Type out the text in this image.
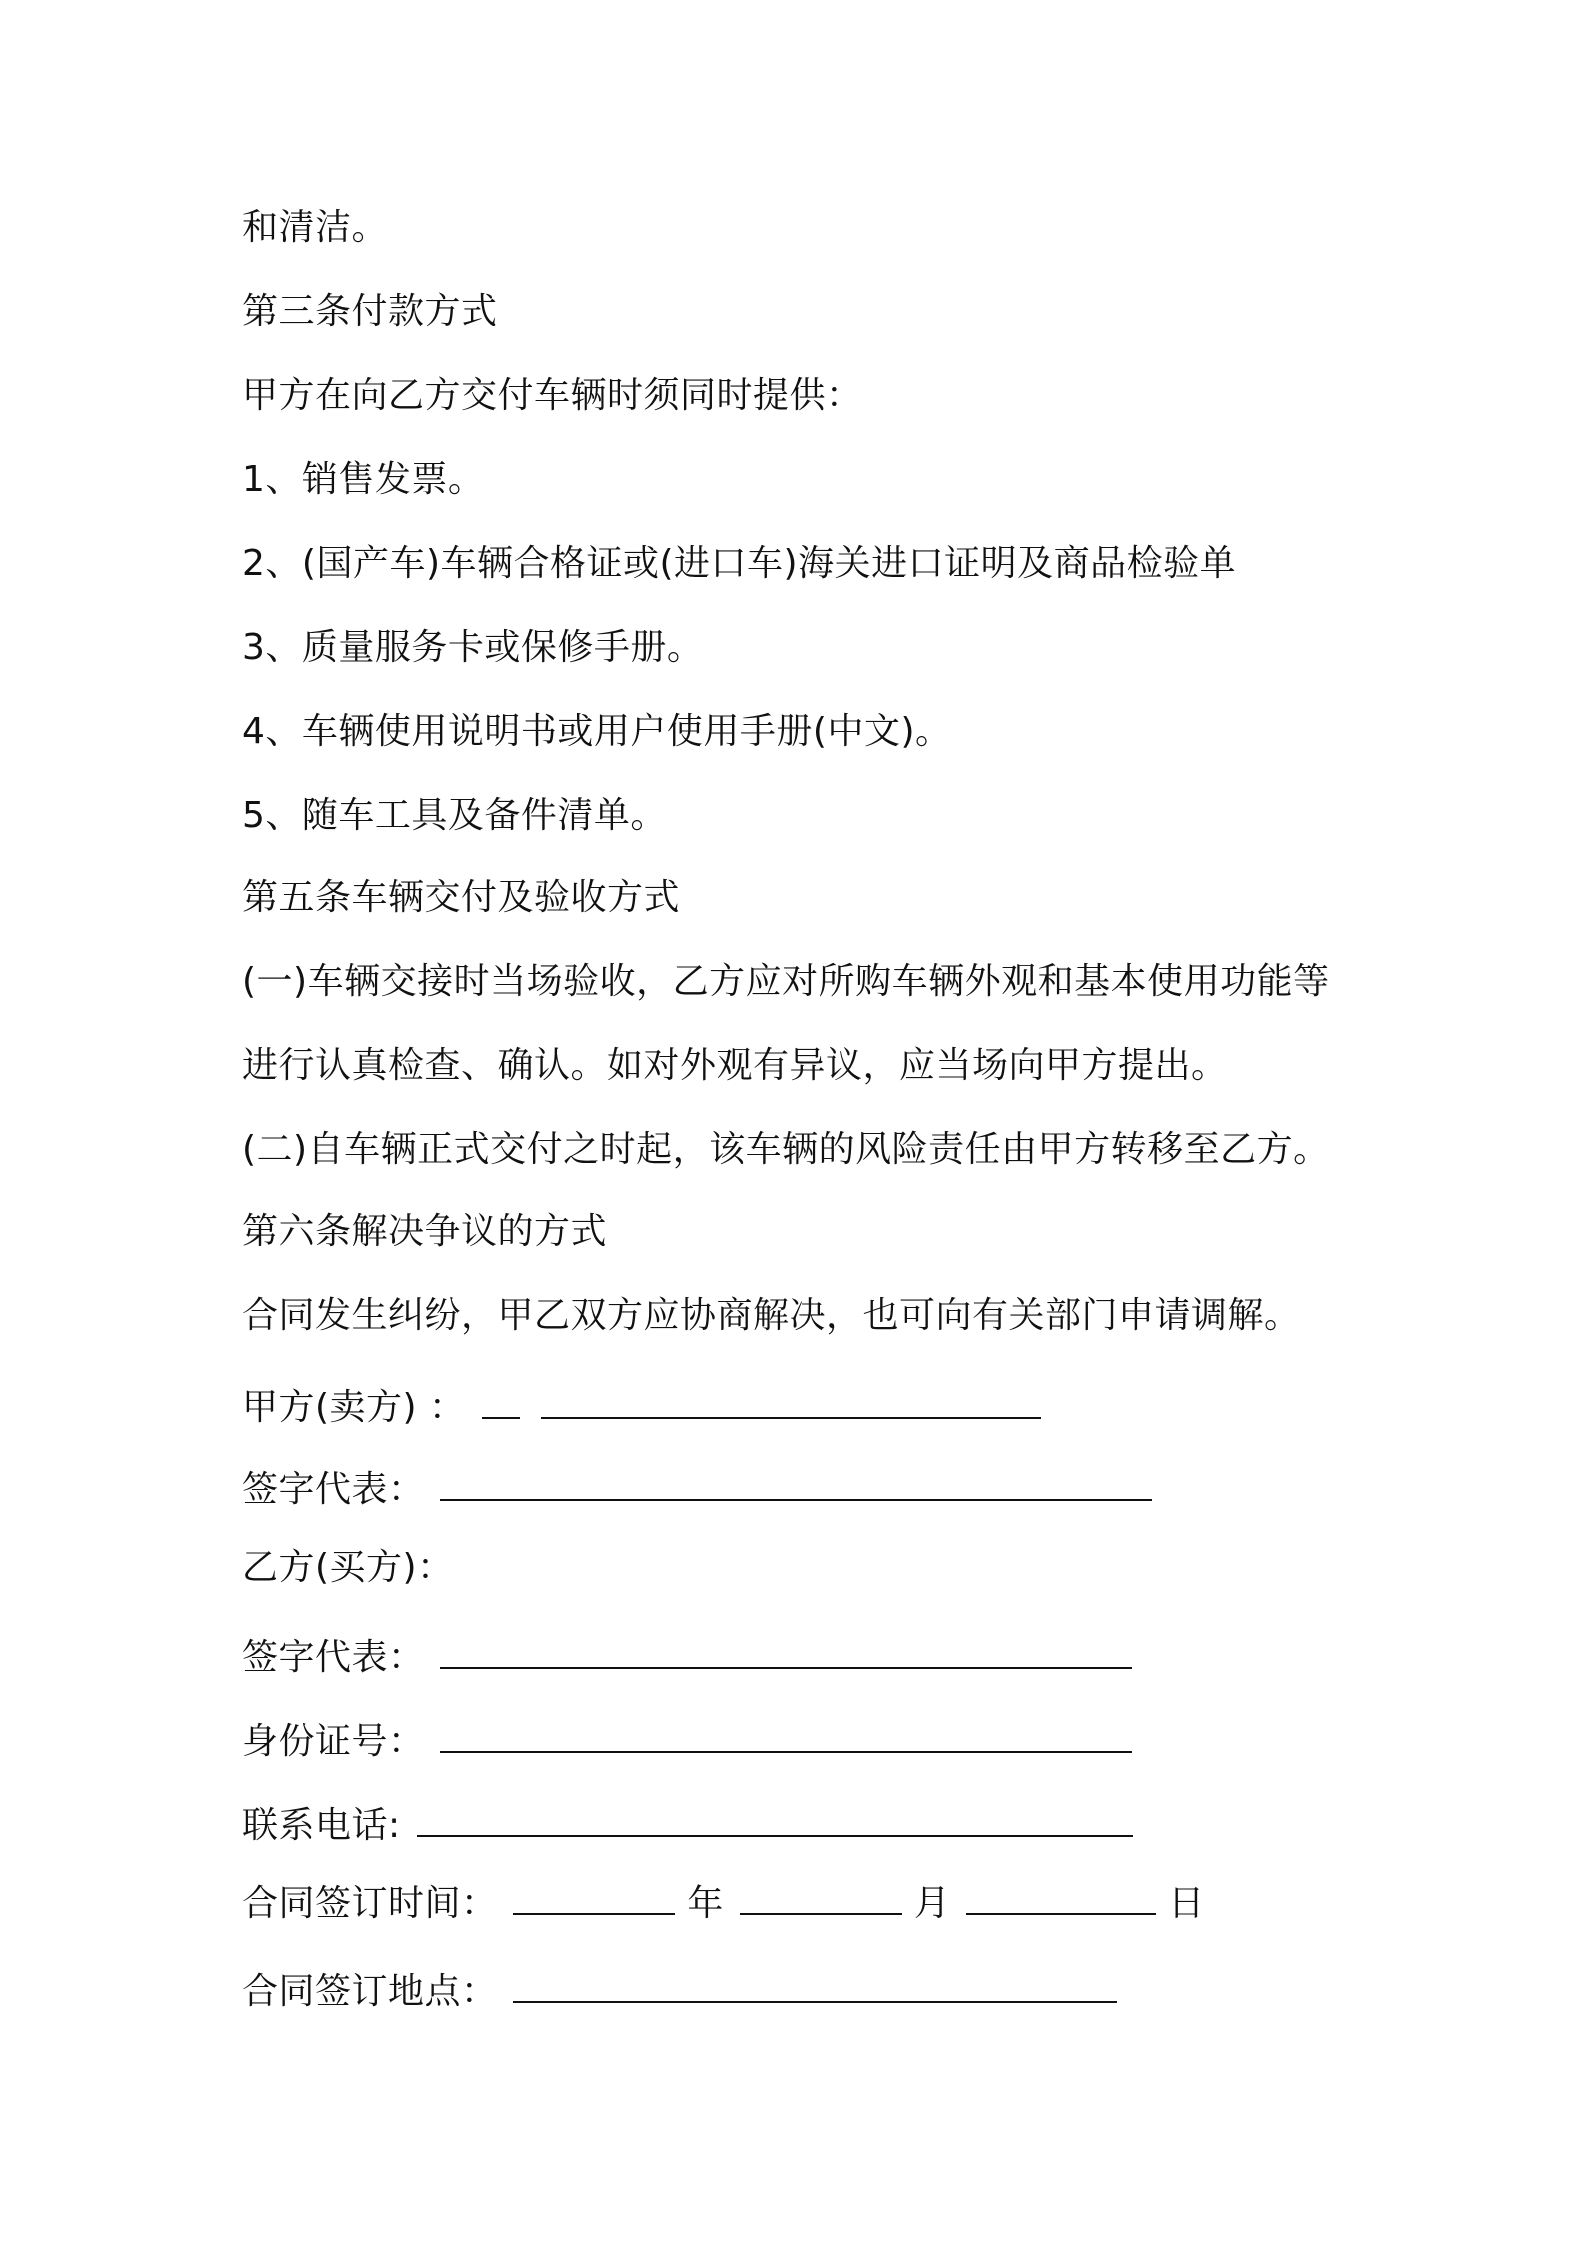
和清洁。
第三条付款方式
甲方在向乙方交付车辆时须同时提供：
1、销售发票。
2、(国产车)车辆合格证或(进口车)海关进口证明及商品检验单
3、质量服务卡或保修手册。
4、车辆使用说明书或用户使用手册(中文)。
5、随车工具及备件清单。
第五条车辆交付及验收方式
(一)车辆交接时当场验收，乙方应对所购车辆外观和基本使用功能等
进行认真检查、确认。如对外观有异议，应当场向甲方提出。
(二)自车辆正式交付之时起，该车辆的风险责任由甲方转移至乙方。
第六条解决争议的方式
合同发生纠纷，甲乙双方应协商解决，也可向有关部门申请调解。
甲方(卖方) ：
签字代表：
乙方(买方)：
签字代表：
身份证号：
联系电话:
合同签订时间：	年	月	日
合同签订地点：
